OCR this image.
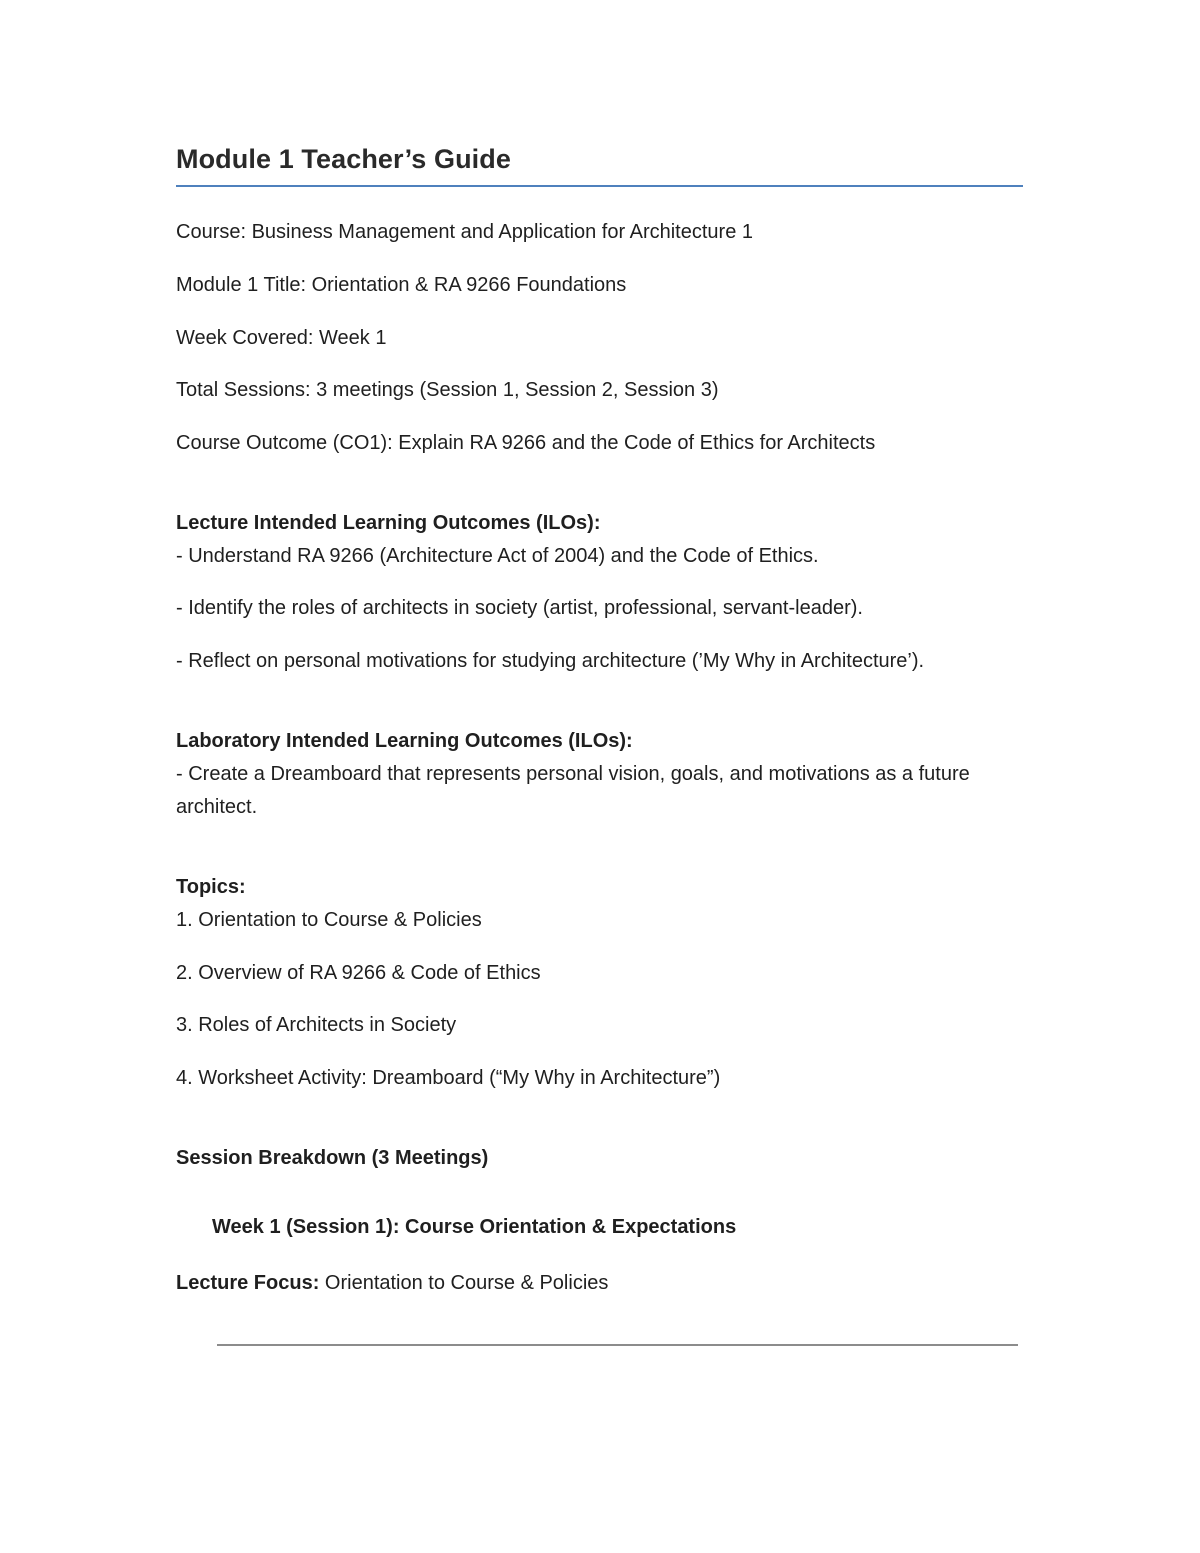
Module 1 Teacher’s Guide
Course: Business Management and Application for Architecture 1
Module 1 Title: Orientation & RA 9266 Foundations
Week Covered: Week 1
Total Sessions: 3 meetings (Session 1, Session 2, Session 3)
Course Outcome (CO1): Explain RA 9266 and the Code of Ethics for Architects
Lecture Intended Learning Outcomes (ILOs):
- Understand RA 9266 (Architecture Act of 2004) and the Code of Ethics.
- Identify the roles of architects in society (artist, professional, servant-leader).
- Reflect on personal motivations for studying architecture (’My Why in Architecture’).
Laboratory Intended Learning Outcomes (ILOs):
- Create a Dreamboard that represents personal vision, goals, and motivations as a future architect.
Topics:
1. Orientation to Course & Policies
2. Overview of RA 9266 & Code of Ethics
3. Roles of Architects in Society
4. Worksheet Activity: Dreamboard (“My Why in Architecture”)
Session Breakdown (3 Meetings)
Week 1 (Session 1): Course Orientation & Expectations
Lecture Focus: Orientation to Course & Policies
